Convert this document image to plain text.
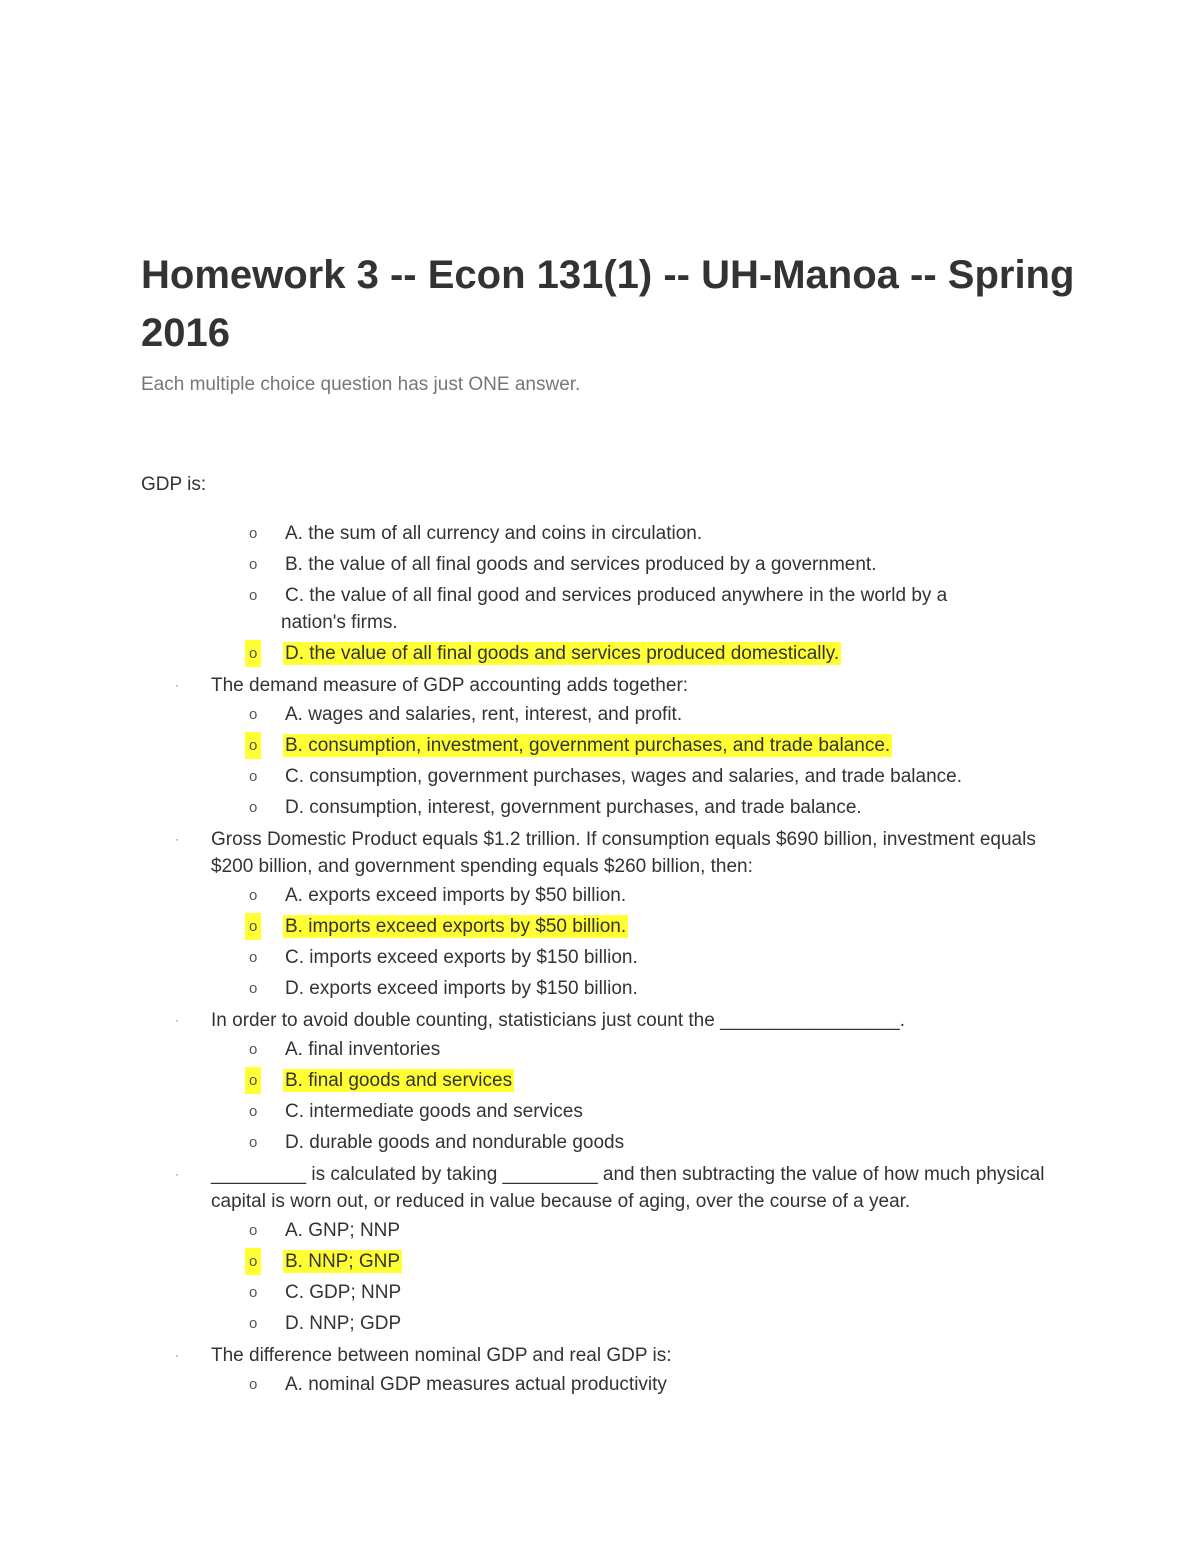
Homework 3 -- Econ 131(1) -- UH-Manoa -- Spring 2016

Each multiple choice question has just ONE answer.

GDP is:

o A. the sum of all currency and coins in circulation.
o B. the value of all final goods and services produced by a government.
o C. the value of all final good and services produced anywhere in the world by a
nation's firms.
o D. the value of all final goods and services produced domestically.
· The demand measure of GDP accounting adds together:

o A. wages and salaries, rent, interest, and profit.
o B. consumption, investment, government purchases, and trade balance.
o C. consumption, government purchases, wages and salaries, and trade balance.
o D. consumption, interest, government purchases, and trade balance.
· Gross Domestic Product equals $1.2 trillion. If consumption equals $690 billion, investment equals $200 billion, and government spending equals $260 billion, then:

o A. exports exceed imports by $50 billion.
o B. imports exceed exports by $50 billion.
o C. imports exceed exports by $150 billion.
o D. exports exceed imports by $150 billion.
· In order to avoid double counting, statisticians just count the _________________.

o A. final inventories
o B. final goods and services
o C. intermediate goods and services
o D. durable goods and nondurable goods
· _________ is calculated by taking _________ and then subtracting the value of how much physical capital is worn out, or reduced in value because of aging, over the course of a year.

o A. GNP; NNP
o B. NNP; GNP
o C. GDP; NNP
o D. NNP; GDP
· The difference between nominal GDP and real GDP is:

o A. nominal GDP measures actual productivity
